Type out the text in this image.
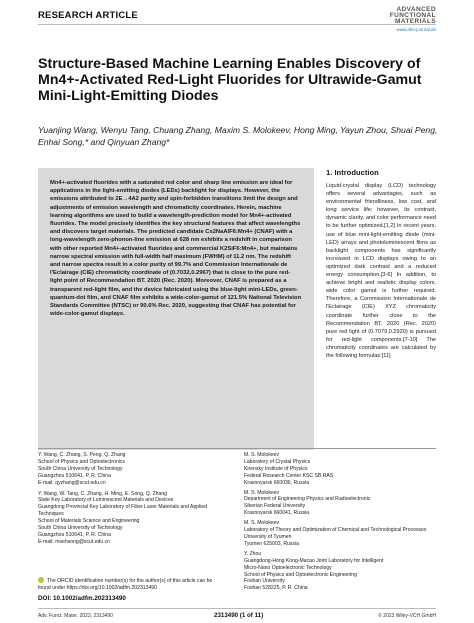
RESEARCH ARTICLE
ADVANCED
FUNCTIONAL
MATERIALS
www.afm-journal.de
Structure-Based Machine Learning Enables Discovery of Mn4+-Activated Red-Light Fluorides for Ultrawide-Gamut Mini-Light-Emitting Diodes
Yuanjing Wang, Wenyu Tang, Chuang Zhang, Maxim S. Molokeev, Hong Ming, Yayun Zhou, Shuai Peng, Enhai Song,* and Qinyuan Zhang*
Mn4+-activated fluorides with a saturated red color and sharp line emission are ideal for applications in the light-emitting diodes (LEDs) backlight for displays. However, the emissions attributed to 2E→4A2 parity and spin-forbidden transitions limit the design and adjustments of emission wavelength and chromaticity coordinates. Herein, machine learning algorithms are used to build a wavelength-prediction model for Mn4+-activated fluorides. The model precisely identifies the key structural features that affect wavelengths and discovers target materials. The predicted candidate Cs2NaAlF6:Mn4+ (CNAF) with a long-wavelength zero-phonon-line emission at 628 nm exhibits a redshift in comparison with other reported Mn4+-activated fluorides and commercial K2SiF6:Mn4+, but maintains narrow spectral emission with full-width half maximum (FWHM) of 11.2 nm. The redshift and narrow spectra result in a color purity of 99.7% and Commission Internationale de l'Eclairage (CIE) chromaticity coordinate of (0.7032,0.2967) that is close to the pure red-light point of Recommendation BT. 2020 (Rec. 2020). Moreover, CNAF is prepared as a transparent red-light film, and the device fabricated using the blue-light mini-LEDs, green-quantum-dot film, and CNAF film exhibits a wide-color-gamut of 121.5% National Television Standards Committee (NTSC) or 90.6% Rec. 2020, suggesting that CNAF has potential for wide-color-gamut displays.
1. Introduction
Liquid-crystal display (LCD) technology offers several advantages, such as environmental friendliness, low cost, and long service life; however, its contrast, dynamic clarity, and color performance need to be further optimized.[1,2] In recent years, use of blue mini-light-emitting diode (mini-LED) arrays and photoluminescent films as backlight components has significantly increased in LCD displays owing to an optimized dark contrast and a reduced energy consumption.[3-6] In addition, to achieve bright and realistic display colors, wide color gamut is further required. Therefore, a Commission Internationale de l'Eclairage (CIE) XYZ chromaticity coordinate further close to the Recommendation BT. 2020 (Rec. 2020) pure red light of (0.7079,0.2920) is pursued for red-light components.[7-10] The chromaticity coordinates are calculated by the following formulas:[11]
Y. Wang, C. Zhang, S. Peng, Q. Zhang
School of Physics and Optoelectronics
South China University of Technology
Guangzhou 510641, P. R. China
E-mail: qyzhang@scut.edu.cn
Y. Wang, W. Tang, C. Zhang, H. Ming, E. Song, Q. Zhang
State Key Laboratory of Luminescent Materials and Devices
Guangdong Provincial Key Laboratory of Fiber Laser Materials and Applied Techniques
School of Materials Science and Engineering
South China University of Technology
Guangzhou 510641, P. R. China
E-mail: msehsong@scut.edu.cn
M. S. Molokeev
Laboratory of Crystal Physics
Kirensky Institute of Physics
Federal Research Center KSC SB RAS
Krasnoyarsk 660036, Russia
M. S. Molokeev
Department of Engineering Physics and Radioelectronic
Siberian Federal University
Krasnoyarsk 660041, Russia
M. S. Molokeev
Laboratory of Theory and Optimization of Chemical and Technological Processes
University of Tyumen
Tyumen 625003, Russia
Y. Zhou
Guangdong-Hong Kong-Macao Joint Laboratory for Intelligent
Micro-Nano Optoelectronic Technology
School of Physics and Optoelectronic Engineering
Foshan University
Foshan 528225, P. R. China
The ORCID identification number(s) for the author(s) of this article can be found under https://doi.org/10.1002/adfm.202313490
DOI: 10.1002/adfm.202313490
Adv. Funct. Mater. 2023, 2313490	2313490 (1 of 11)	© 2023 Wiley-VCH GmbH
